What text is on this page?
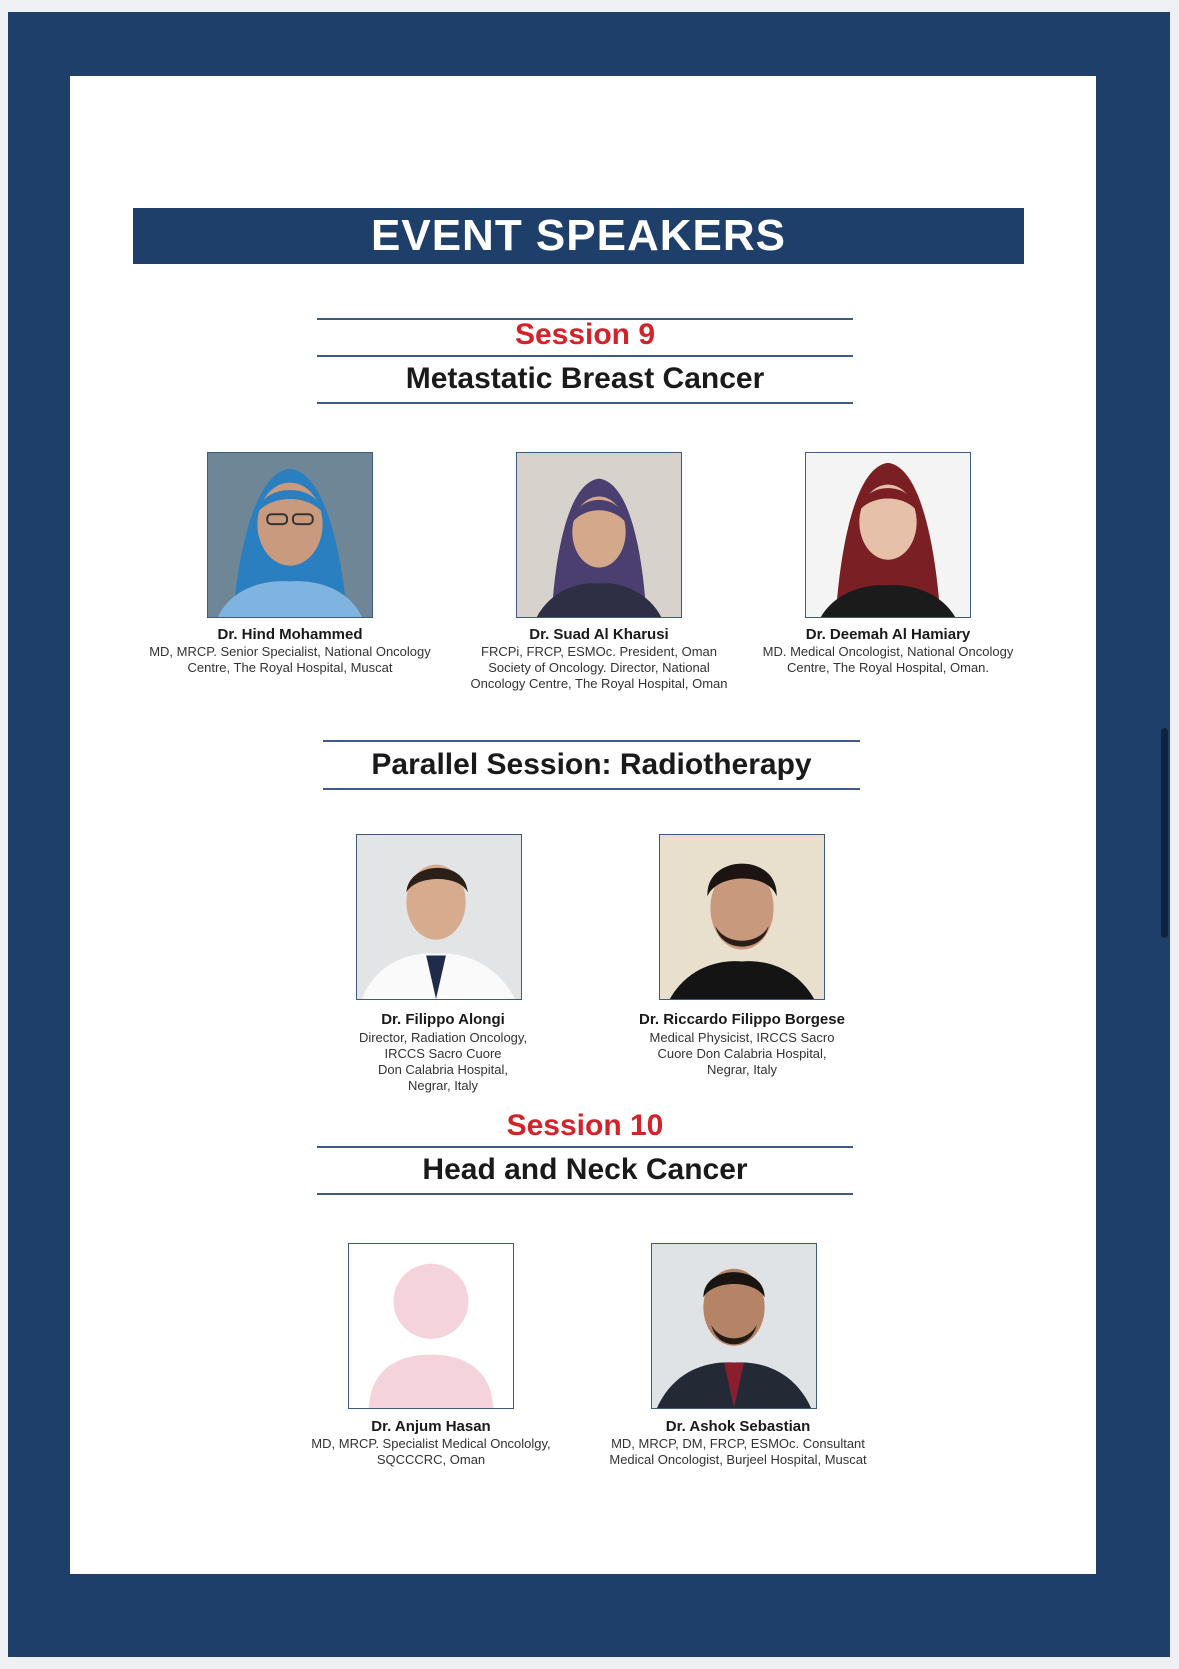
EVENT SPEAKERS
Session 9
Metastatic Breast Cancer
Dr. Hind Mohammed
MD, MRCP. Senior Specialist, National Oncology
Centre, The Royal Hospital, Muscat
Dr. Suad Al Kharusi
FRCPi, FRCP, ESMOc. President, Oman
Society of Oncology. Director, National
Oncology Centre, The Royal Hospital, Oman
Dr. Deemah Al Hamiary
MD. Medical Oncologist, National Oncology
Centre, The Royal Hospital, Oman.
Parallel Session: Radiotherapy
Dr. Filippo Alongi
Director, Radiation Oncology,
IRCCS Sacro Cuore
Don Calabria Hospital,
Negrar, Italy
Dr. Riccardo Filippo Borgese
Medical Physicist, IRCCS Sacro
Cuore Don Calabria Hospital,
Negrar, Italy
Session 10
Head and Neck Cancer
Dr. Anjum Hasan
MD, MRCP. Specialist Medical Oncololgy,
SQCCCRC, Oman
Dr. Ashok Sebastian
MD, MRCP, DM, FRCP, ESMOc. Consultant
Medical Oncologist, Burjeel Hospital, Muscat
